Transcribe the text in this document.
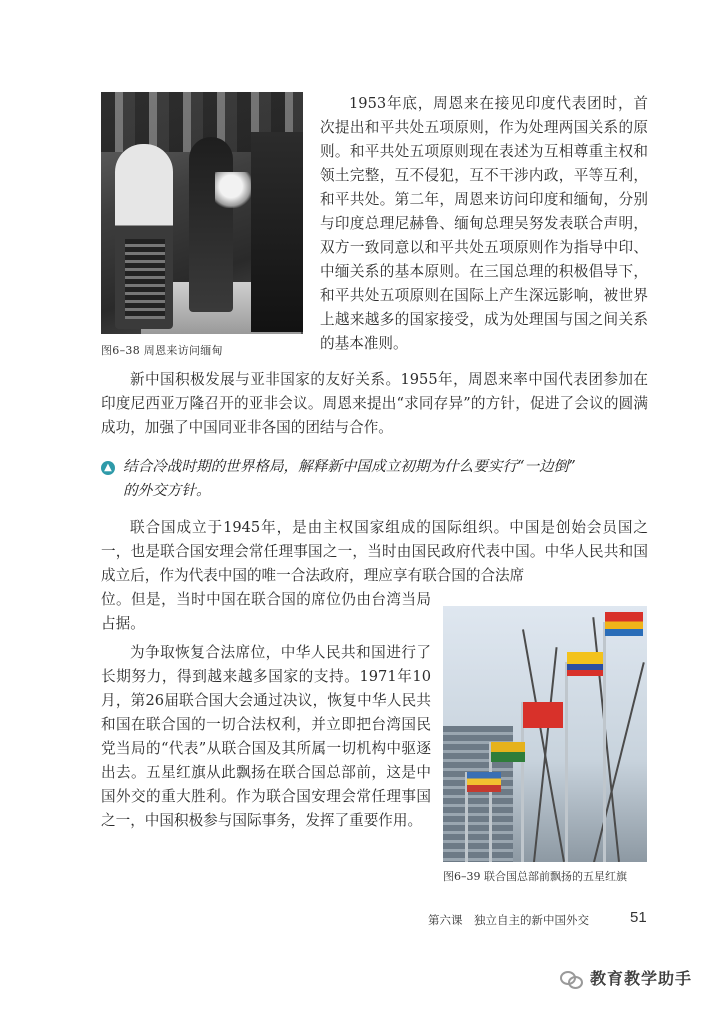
图6–38 周恩来访问缅甸
1953年底，周恩来在接见印度代表团时，首次提出和平共处五项原则，作为处理两国关系的原则。和平共处五项原则现在表述为互相尊重主权和领土完整，互不侵犯，互不干涉内政，平等互利，和平共处。第二年，周恩来访问印度和缅甸，分别与印度总理尼赫鲁、缅甸总理吴努发表联合声明，双方一致同意以和平共处五项原则作为指导中印、中缅关系的基本原则。在三国总理的积极倡导下，和平共处五项原则在国际上产生深远影响，被世界上越来越多的国家接受，成为处理国与国之间关系的基本准则。
新中国积极发展与亚非国家的友好关系。1955年，周恩来率中国代表团参加在印度尼西亚万隆召开的亚非会议。周恩来提出“求同存异”的方针，促进了会议的圆满成功，加强了中国同亚非各国的团结与合作。
▲ 结合冷战时期的世界格局，解释新中国成立初期为什么要实行“一边倒”
的外交方针。
联合国成立于1945年，是由主权国家组成的国际组织。中国是创始会员国之一，也是联合国安理会常任理事国之一，当时由国民政府代表中国。中华人民共和国成立后，作为代表中国的唯一合法政府，理应享有联合国的合法席
位。但是，当时中国在联合国的席位仍由台湾当局占据。
为争取恢复合法席位，中华人民共和国进行了长期努力，得到越来越多国家的支持。1971年10月，第26届联合国大会通过决议，恢复中华人民共和国在联合国的一切合法权利，并立即把台湾国民党当局的“代表”从联合国及其所属一切机构中驱逐出去。五星红旗从此飘扬在联合国总部前，这是中国外交的重大胜利。作为联合国安理会常任理事国之一，中国积极参与国际事务，发挥了重要作用。
图6–39 联合国总部前飘扬的五星红旗
第六课　独立自主的新中国外交	51
教育教学助手
